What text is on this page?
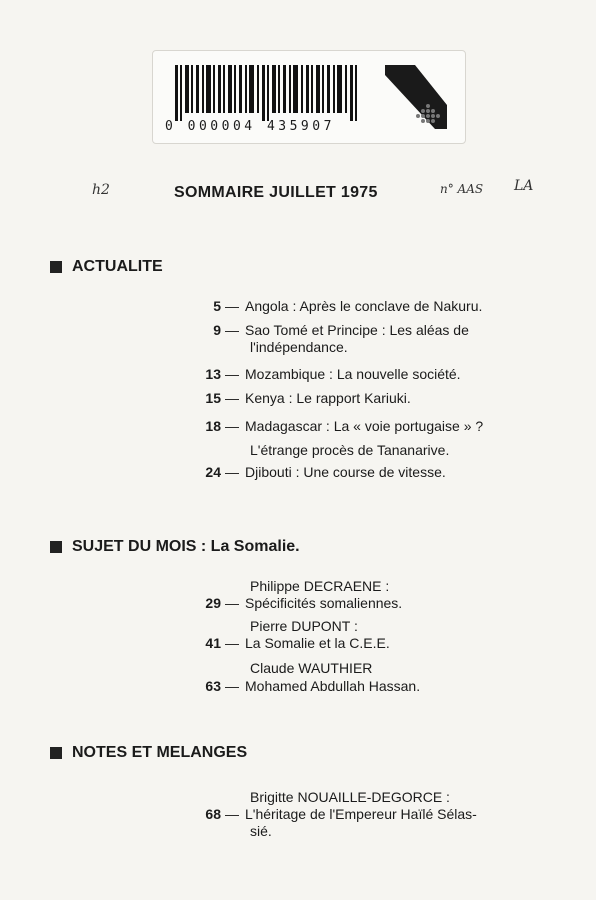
0 000004 435907
h2	SOMMAIRE JUILLET 1975	n° AAS LA
ACTUALITE
5 — Angola : Après le conclave de Nakuru.
9 — Sao Tomé et Principe : Les aléas de
l'indépendance.
13 — Mozambique : La nouvelle société.
15 — Kenya : Le rapport Kariuki.
18 — Madagascar : La « voie portugaise » ?
L'étrange procès de Tananarive.
24 — Djibouti : Une course de vitesse.
SUJET DU MOIS : La Somalie.
Philippe DECRAENE :
29 — Spécificités somaliennes.
Pierre DUPONT :
41 — La Somalie et la C.E.E.
Claude WAUTHIER
63 — Mohamed Abdullah Hassan.
NOTES ET MELANGES
Brigitte NOUAILLE-DEGORCE :
68 — L'héritage de l'Empereur Haïlé Sélas-
sié.
